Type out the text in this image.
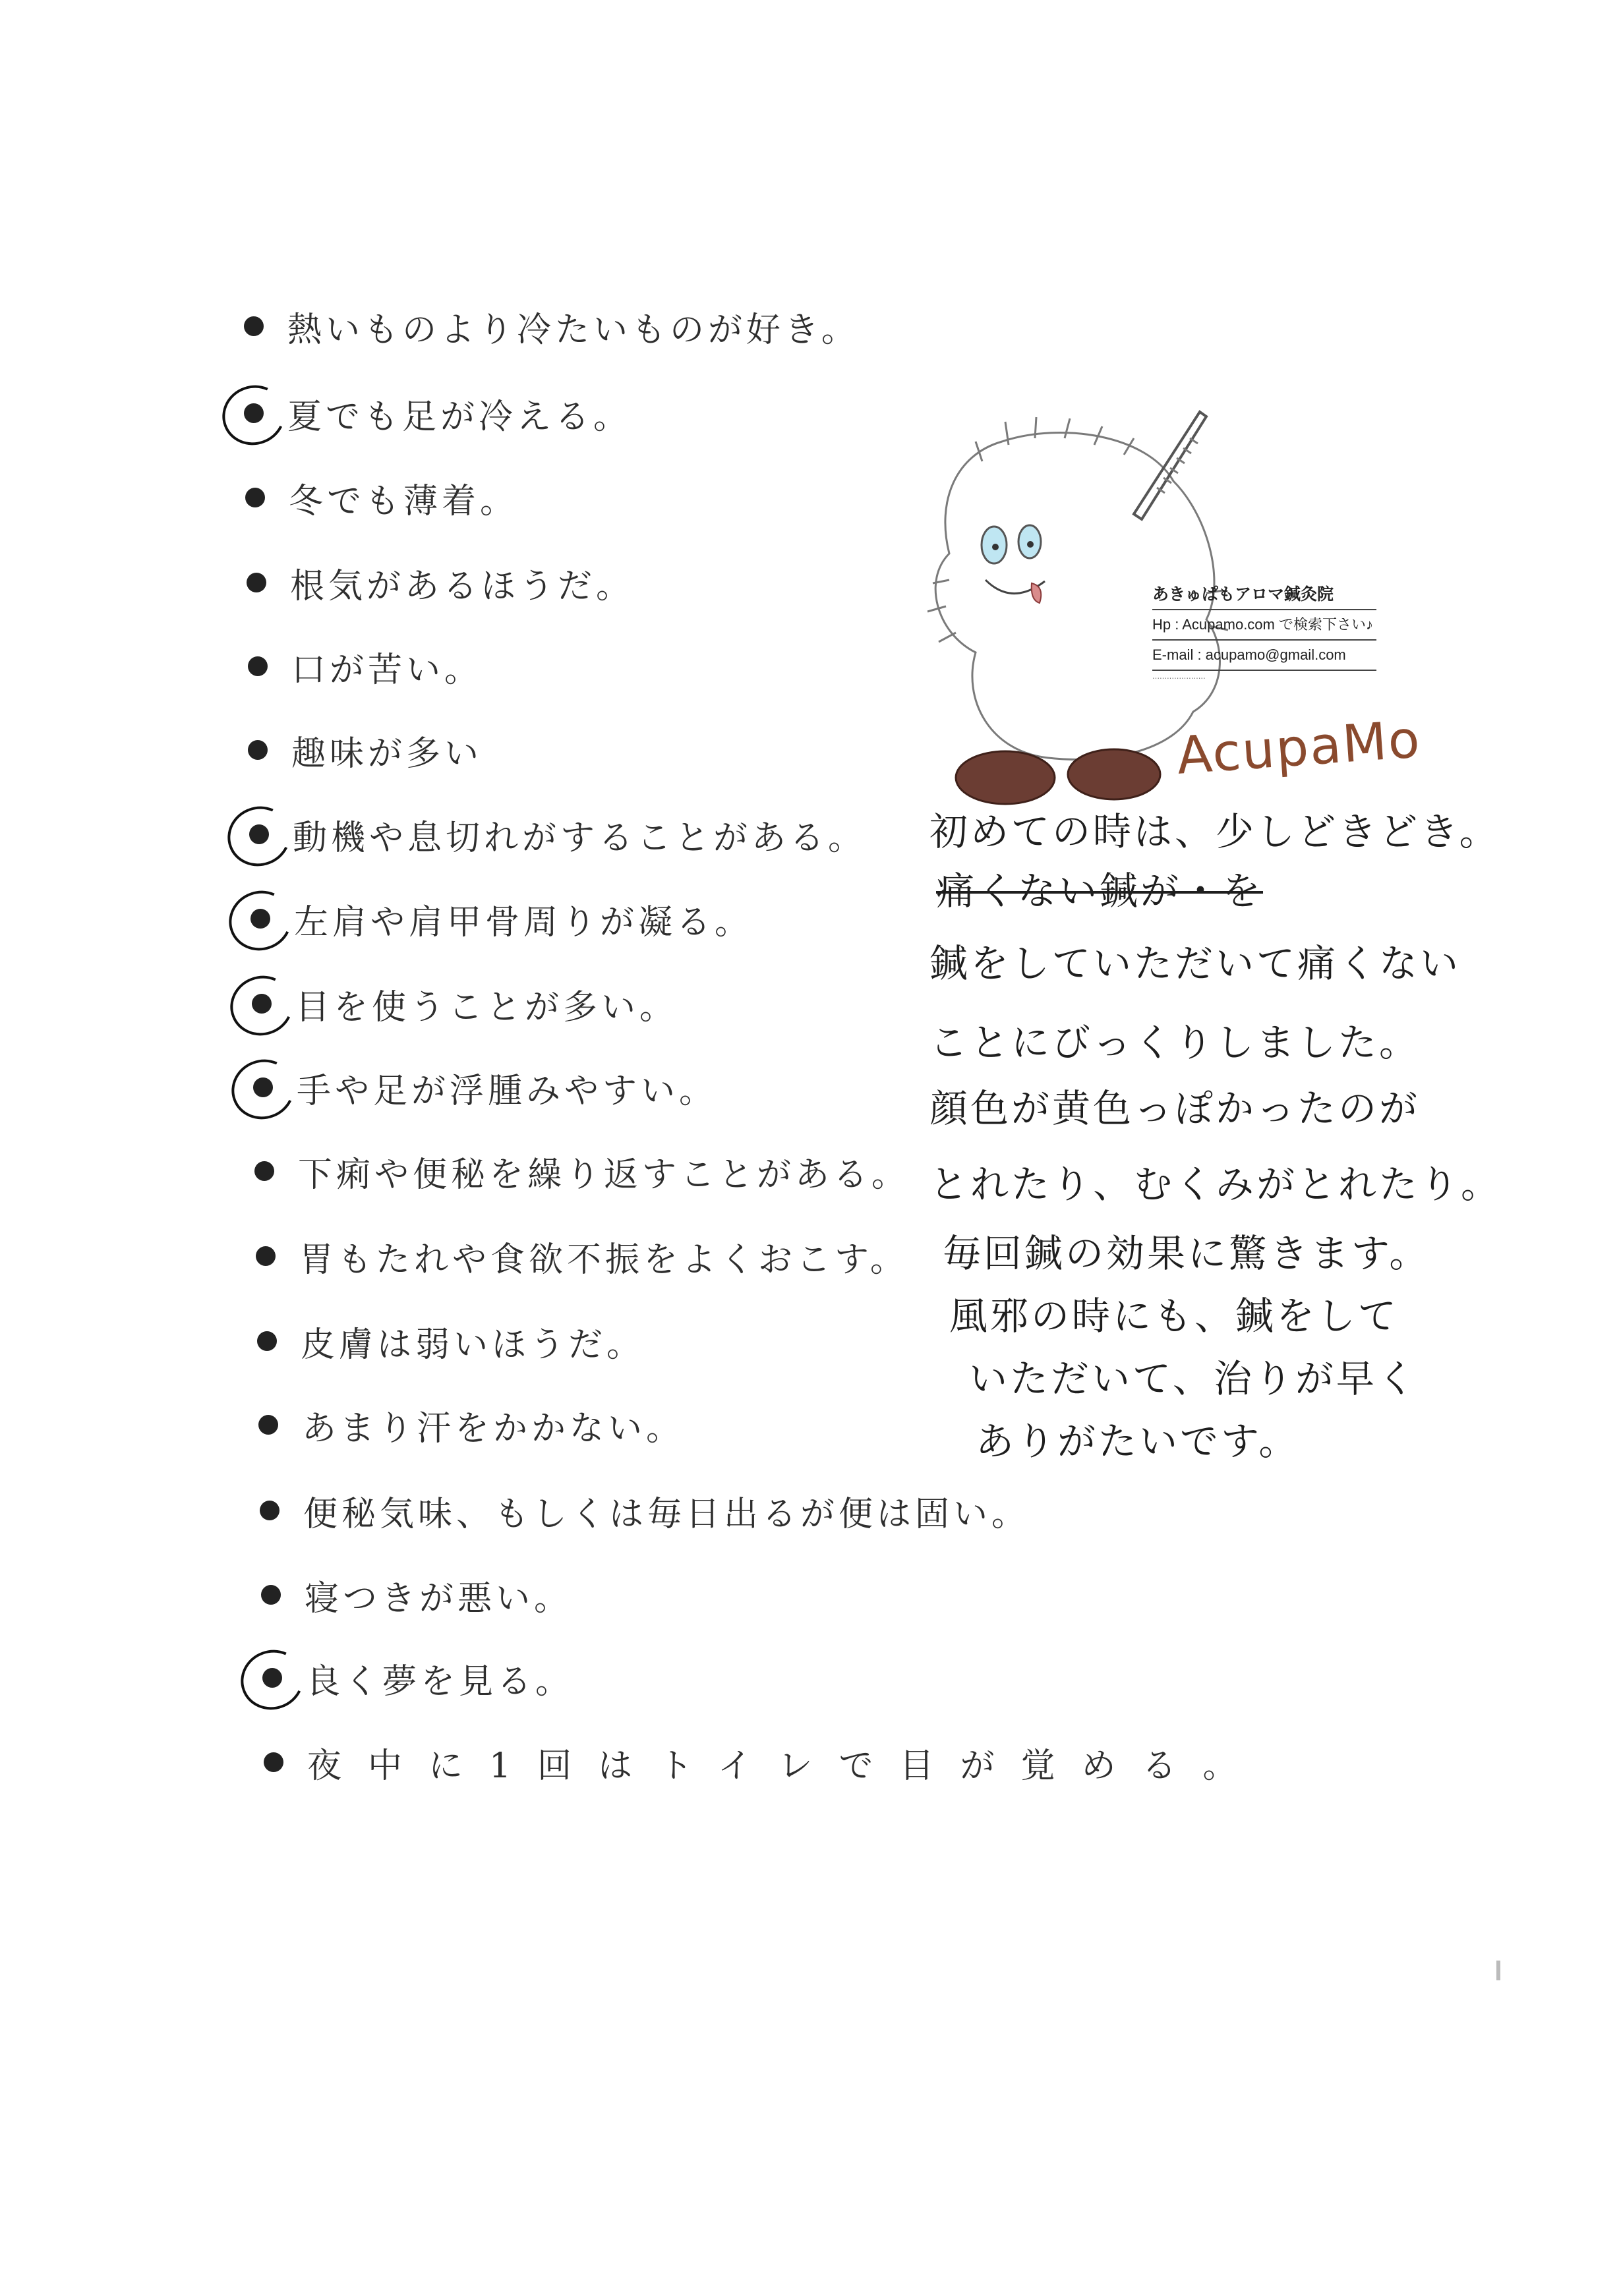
熱いものより冷たいものが好き。
夏でも足が冷える。
冬でも薄着。
根気があるほうだ。
口が苦い。
趣味が多い
動機や息切れがすることがある。
左肩や肩甲骨周りが凝る。
目を使うことが多い。
手や足が浮腫みやすい。
下痢や便秘を繰り返すことがある。
胃もたれや食欲不振をよくおこす。
皮膚は弱いほうだ。
あまり汗をかかない。
便秘気味、もしくは毎日出るが便は固い。
寝つきが悪い。
良く夢を見る。
夜中に1回はトイレで目が覚める。
あきゅぱもアロマ鍼灸院
Hp : Acupamo.com で検索下さい♪
E-mail : acupamo@gmail.com
‥‥‥‥‥‥‥‥‥‥‥
AcupaMo
初めての時は、少しどきどき。
痛くない鍼が・を
鍼をしていただいて痛くない
ことにびっくりしました。
顔色が黄色っぽかったのが
とれたり、むくみがとれたり。
毎回鍼の効果に驚きます。
風邪の時にも、鍼をして
いただいて、治りが早く
ありがたいです。
